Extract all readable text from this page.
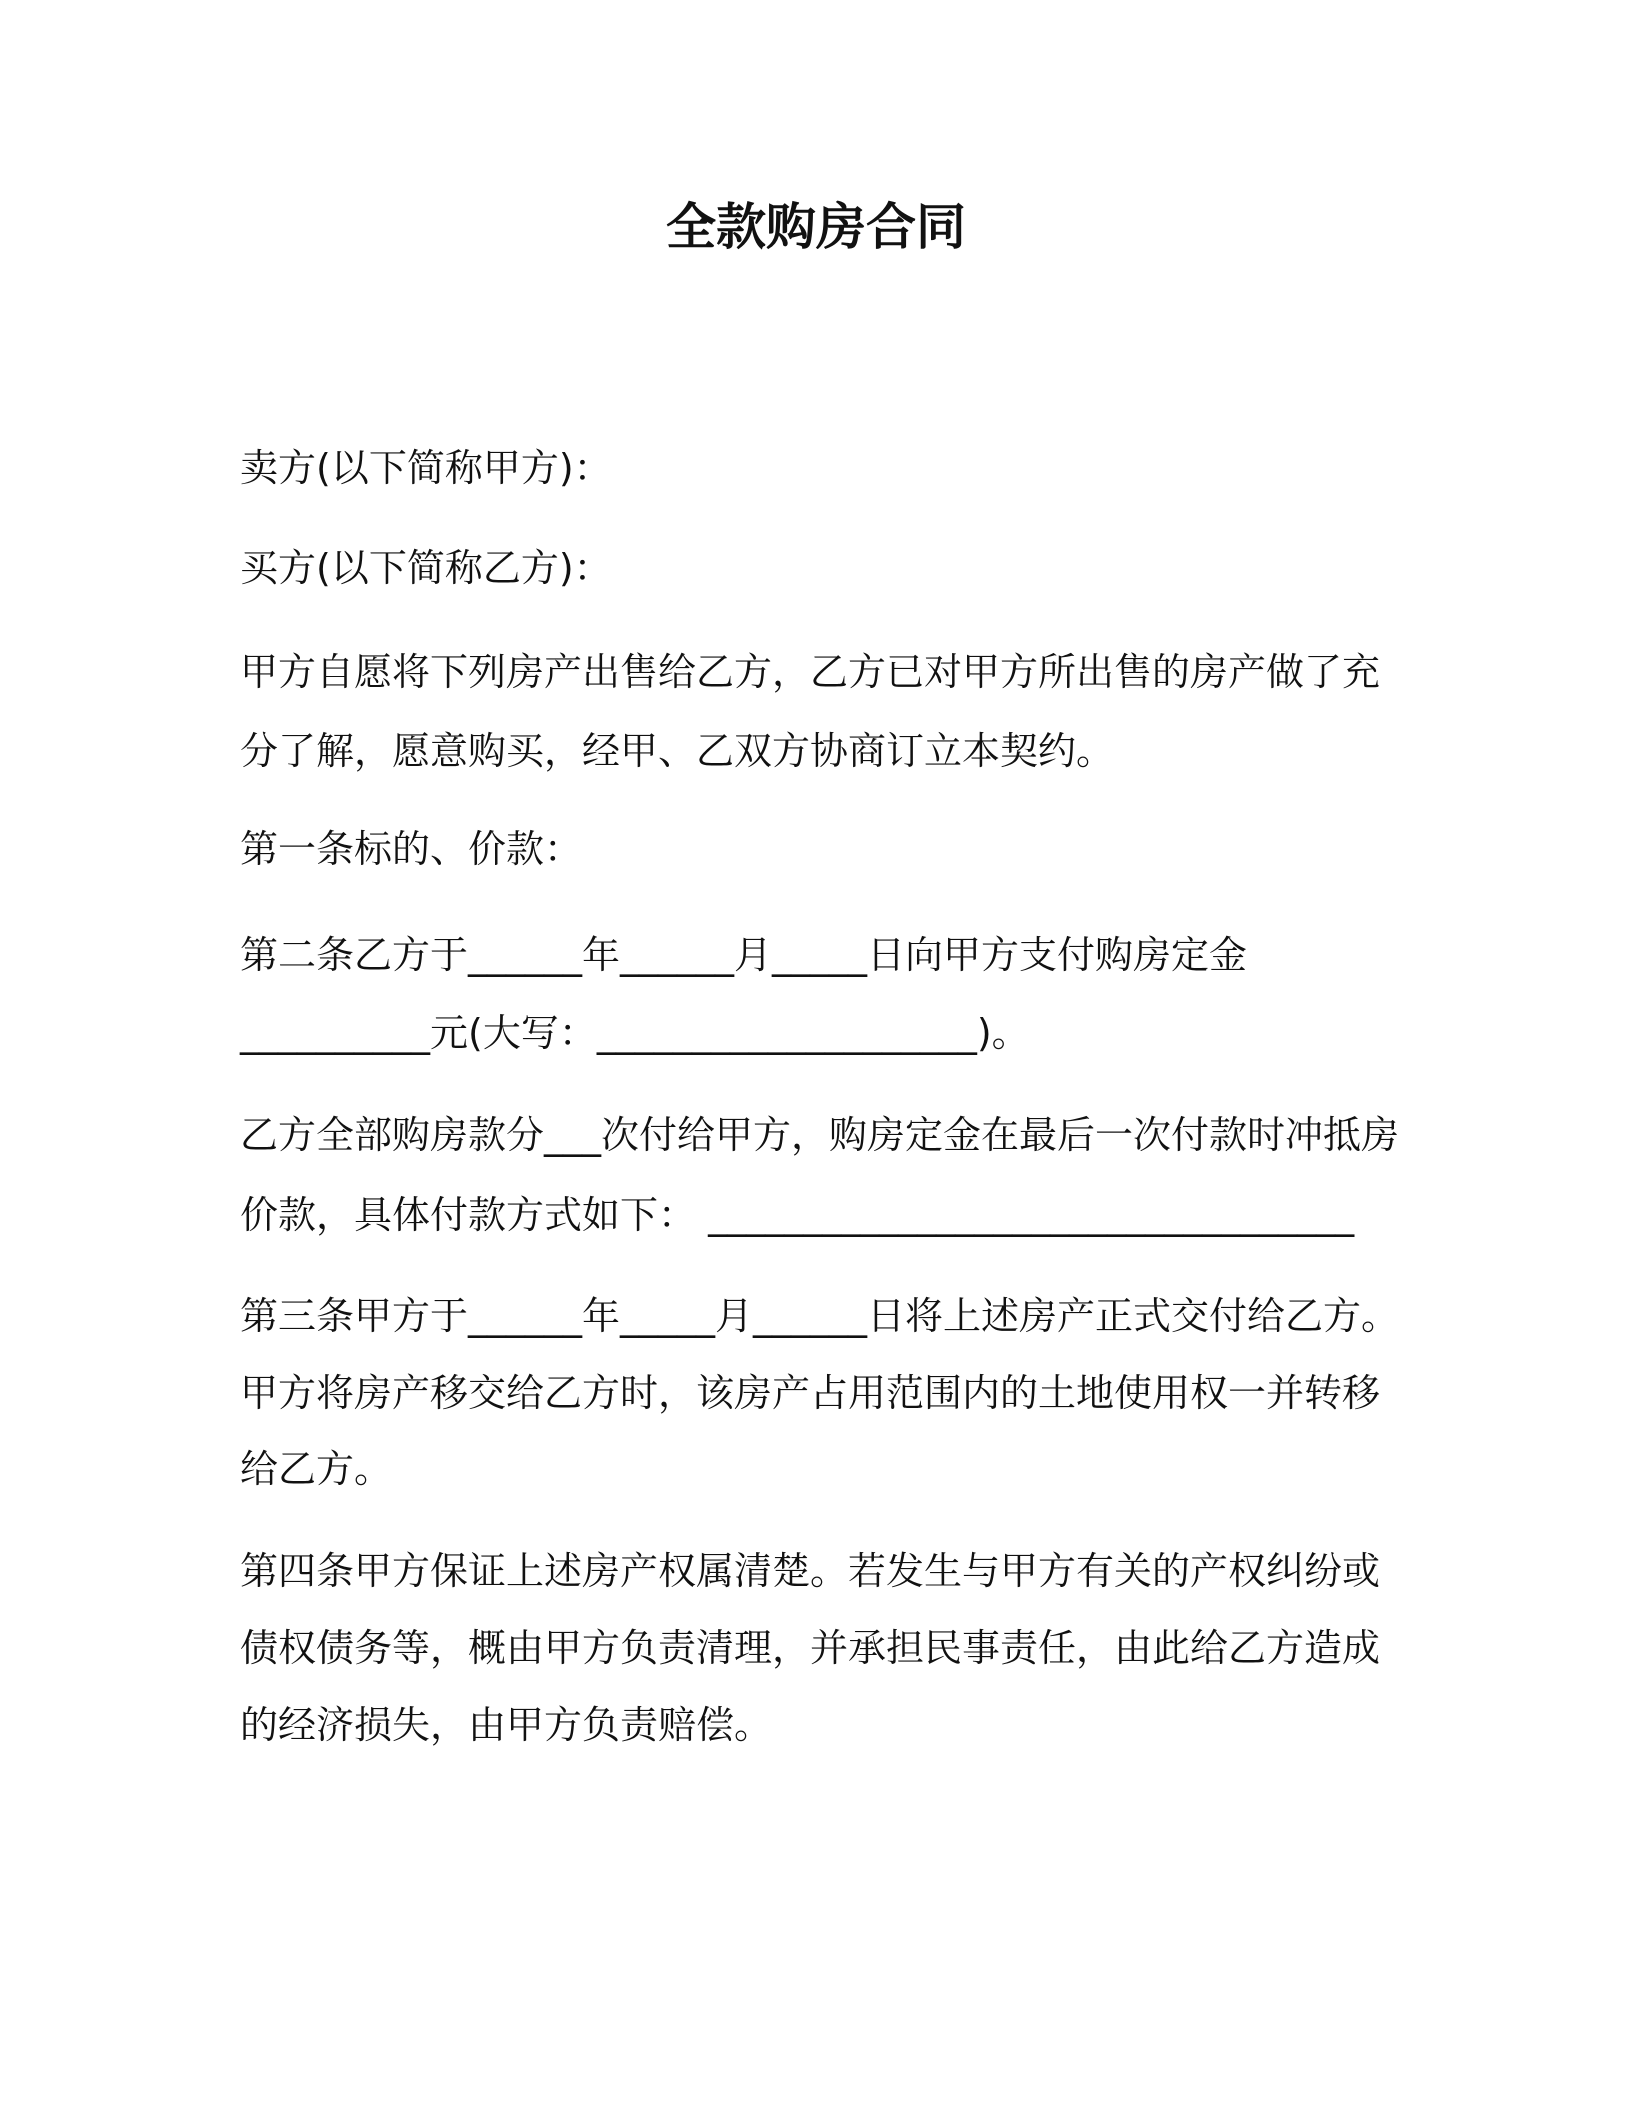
全款购房合同
卖方(以下简称甲方)：
买方(以下简称乙方)：
甲方自愿将下列房产出售给乙方，乙方已对甲方所出售的房产做了充
分了解，愿意购买，经甲、乙双方协商订立本契约。
第一条标的、价款：
第二条乙方于______年______月_____日向甲方支付购房定金
__________元(大写：____________________)。
乙方全部购房款分___次付给甲方，购房定金在最后一次付款时冲抵房
价款，具体付款方式如下： __________________________________
第三条甲方于______年_____月______日将上述房产正式交付给乙方。
甲方将房产移交给乙方时，该房产占用范围内的土地使用权一并转移
给乙方。
第四条甲方保证上述房产权属清楚。若发生与甲方有关的产权纠纷或
债权债务等，概由甲方负责清理，并承担民事责任，由此给乙方造成
的经济损失，由甲方负责赔偿。
